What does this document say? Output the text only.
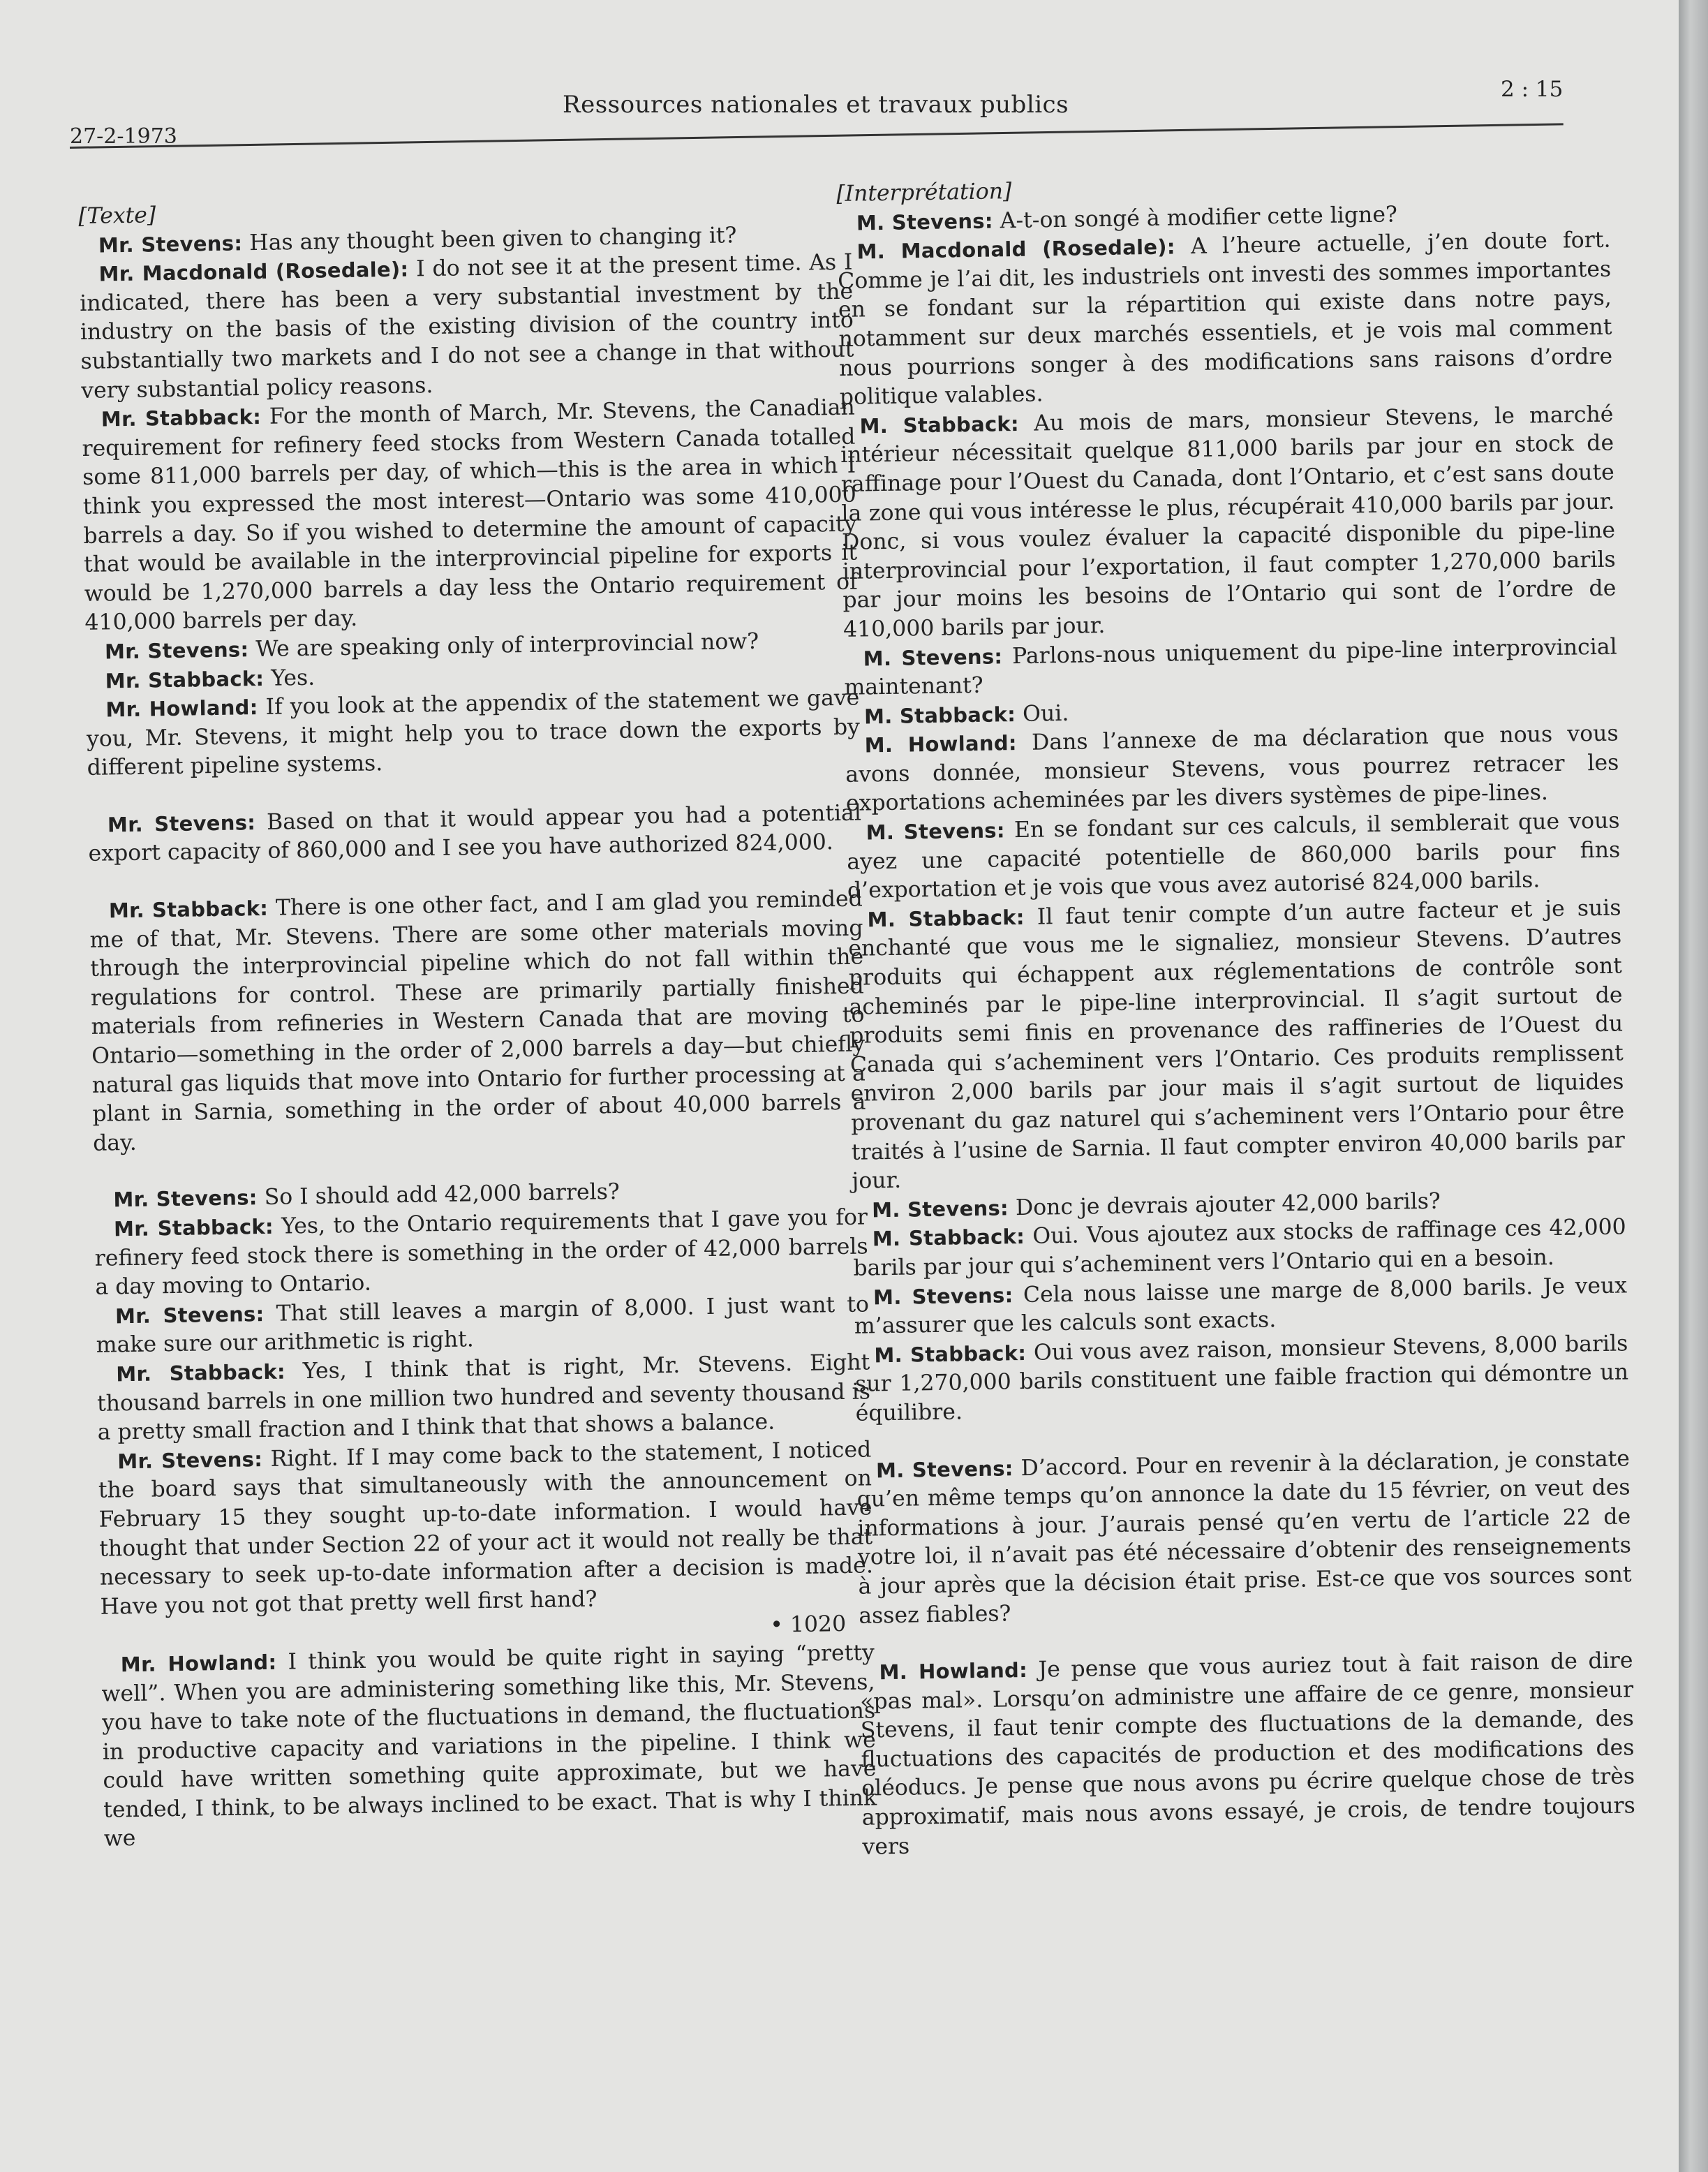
27-2-1973
Ressources nationales et travaux publics
2 : 15

[Texte]

Mr. Stevens: Has any thought been given to changing it?

Mr. Macdonald (Rosedale): I do not see it at the present time. As I indicated, there has been a very substantial investment by the industry on the basis of the existing division of the country into substantially two markets and I do not see a change in that without very substantial policy reasons.

Mr. Stabback: For the month of March, Mr. Stevens, the Canadian requirement for refinery feed stocks from Western Canada totalled some 811,000 barrels per day, of which—this is the area in which I think you expressed the most interest—Ontario was some 410,000 barrels a day. So if you wished to determine the amount of capacity that would be available in the interprovincial pipeline for exports it would be 1,270,000 barrels a day less the Ontario requirement of 410,000 barrels per day.

Mr. Stevens: We are speaking only of interprovincial now?

Mr. Stabback: Yes.

Mr. Howland: If you look at the appendix of the statement we gave you, Mr. Stevens, it might help you to trace down the exports by different pipeline systems.

Mr. Stevens: Based on that it would appear you had a potential export capacity of 860,000 and I see you have authorized 824,000.

Mr. Stabback: There is one other fact, and I am glad you reminded me of that, Mr. Stevens. There are some other materials moving through the interprovincial pipeline which do not fall within the regulations for control. These are primarily partially finished materials from refineries in Western Canada that are moving to Ontario—something in the order of 2,000 barrels a day—but chiefly natural gas liquids that move into Ontario for further processing at a plant in Sarnia, something in the order of about 40,000 barrels a day.

Mr. Stevens: So I should add 42,000 barrels?

Mr. Stabback: Yes, to the Ontario requirements that I gave you for refinery feed stock there is something in the order of 42,000 barrels a day moving to Ontario.

Mr. Stevens: That still leaves a margin of 8,000. I just want to make sure our arithmetic is right.

Mr. Stabback: Yes, I think that is right, Mr. Stevens. Eight thousand barrels in one million two hundred and seventy thousand is a pretty small fraction and I think that that shows a balance.

Mr. Stevens: Right. If I may come back to the statement, I noticed the board says that simultaneously with the announcement on February 15 they sought up-to-date information. I would have thought that under Section 22 of your act it would not really be that necessary to seek up-to-date information after a decision is made. Have you not got that pretty well first hand?

• 1020

Mr. Howland: I think you would be quite right in saying “pretty well”. When you are administering something like this, Mr. Stevens, you have to take note of the fluctuations in demand, the fluctuations in productive capacity and variations in the pipeline. I think we could have written something quite approximate, but we have tended, I think, to be always inclined to be exact. That is why I think we

[Interprétation]

M. Stevens: A-t-on songé à modifier cette ligne?

M. Macdonald (Rosedale): A l’heure actuelle, j’en doute fort. Comme je l’ai dit, les industriels ont investi des sommes importantes en se fondant sur la répartition qui existe dans notre pays, notamment sur deux marchés essentiels, et je vois mal comment nous pourrions songer à des modifications sans raisons d’ordre politique valables.

M. Stabback: Au mois de mars, monsieur Stevens, le marché intérieur nécessitait quelque 811,000 barils par jour en stock de raffinage pour l’Ouest du Canada, dont l’Ontario, et c’est sans doute la zone qui vous intéresse le plus, récupérait 410,000 barils par jour. Donc, si vous voulez évaluer la capacité disponible du pipe-line interprovincial pour l’exportation, il faut compter 1,270,000 barils par jour moins les besoins de l’Ontario qui sont de l’ordre de 410,000 barils par jour.

M. Stevens: Parlons-nous uniquement du pipe-line interprovincial maintenant?

M. Stabback: Oui.

M. Howland: Dans l’annexe de ma déclaration que nous vous avons donnée, monsieur Stevens, vous pourrez retracer les exportations acheminées par les divers systèmes de pipe-lines.

M. Stevens: En se fondant sur ces calculs, il semblerait que vous ayez une capacité potentielle de 860,000 barils pour fins d’exportation et je vois que vous avez autorisé 824,000 barils.

M. Stabback: Il faut tenir compte d’un autre facteur et je suis enchanté que vous me le signaliez, monsieur Stevens. D’autres produits qui échappent aux réglementations de contrôle sont acheminés par le pipe-line interprovincial. Il s’agit surtout de produits semi finis en provenance des raffineries de l’Ouest du Canada qui s’acheminent vers l’Ontario. Ces produits remplissent environ 2,000 barils par jour mais il s’agit surtout de liquides provenant du gaz naturel qui s’acheminent vers l’Ontario pour être traités à l’usine de Sarnia. Il faut compter environ 40,000 barils par jour.

M. Stevens: Donc je devrais ajouter 42,000 barils?

M. Stabback: Oui. Vous ajoutez aux stocks de raffinage ces 42,000 barils par jour qui s’acheminent vers l’Ontario qui en a besoin.

M. Stevens: Cela nous laisse une marge de 8,000 barils. Je veux m’assurer que les calculs sont exacts.

M. Stabback: Oui vous avez raison, monsieur Stevens, 8,000 barils sur 1,270,000 barils constituent une faible fraction qui démontre un équilibre.

M. Stevens: D’accord. Pour en revenir à la déclaration, je constate qu’en même temps qu’on annonce la date du 15 février, on veut des informations à jour. J’aurais pensé qu’en vertu de l’article 22 de votre loi, il n’avait pas été nécessaire d’obtenir des renseignements à jour après que la décision était prise. Est-ce que vos sources sont assez fiables?

M. Howland: Je pense que vous auriez tout à fait raison de dire «pas mal». Lorsqu’on administre une affaire de ce genre, monsieur Stevens, il faut tenir compte des fluctuations de la demande, des fluctuations des capacités de production et des modifications des oléoducs. Je pense que nous avons pu écrire quelque chose de très approximatif, mais nous avons essayé, je crois, de tendre toujours vers
